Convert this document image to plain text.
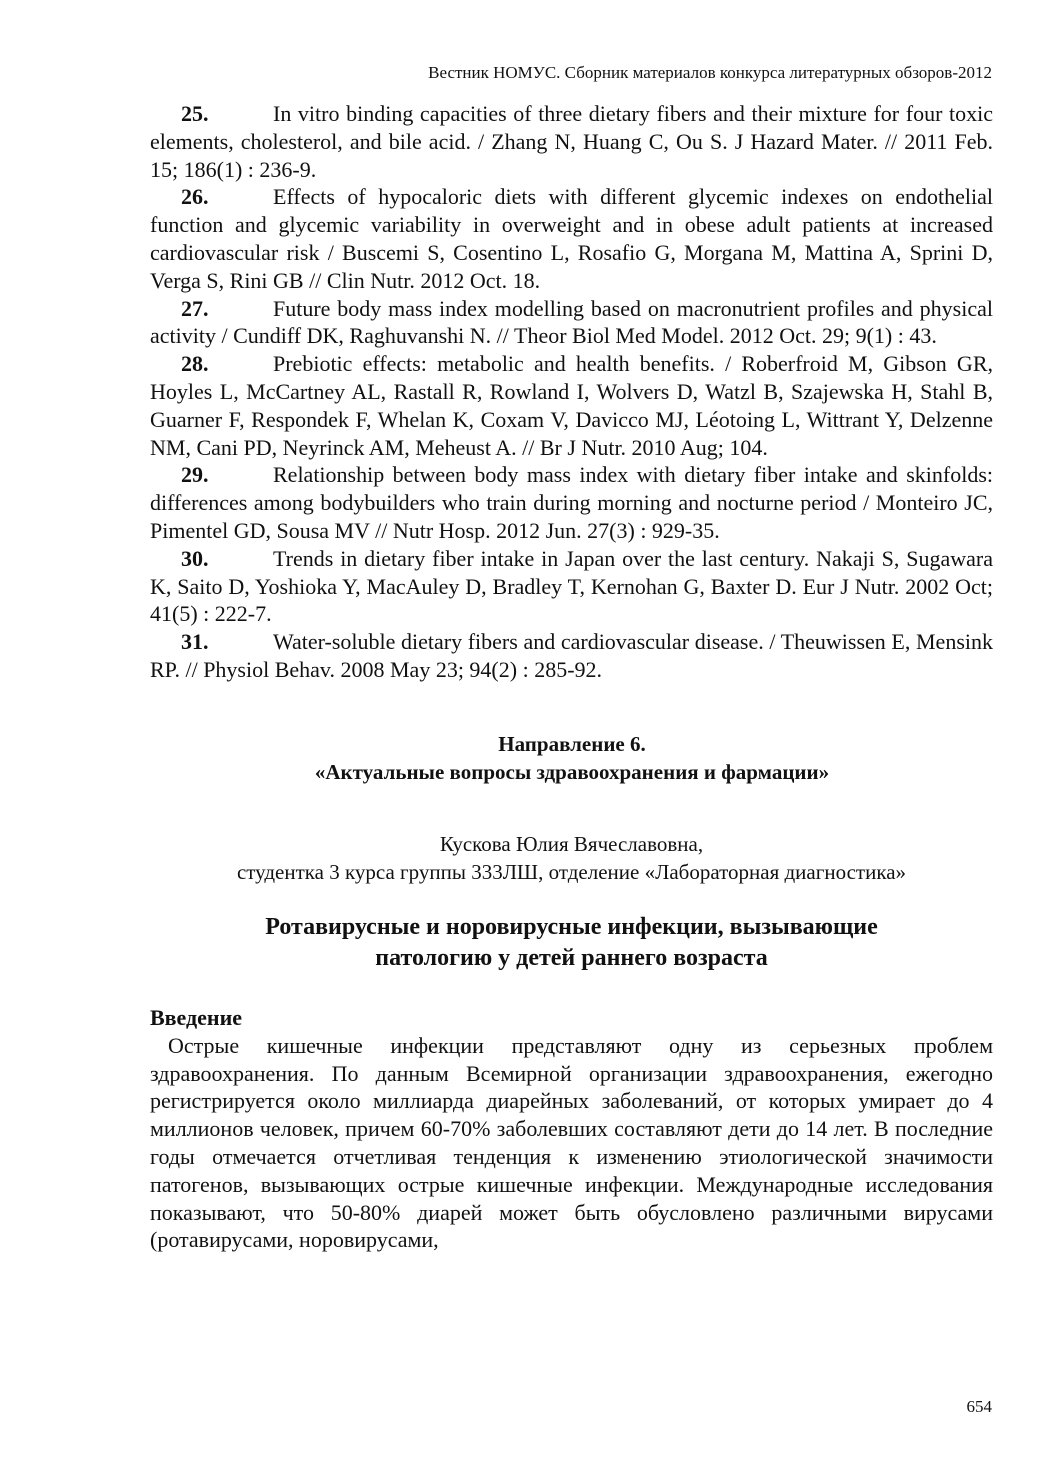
Вестник НОМУС. Сборник материалов конкурса литературных обзоров-2012

25.	In vitro binding capacities of three dietary fibers and their mixture for four toxic elements, cholesterol, and bile acid. / Zhang N, Huang C, Ou S. J Hazard Mater. // 2011 Feb. 15; 186(1) : 236-9.

26.	Effects of hypocaloric diets with different glycemic indexes on endothelial function and glycemic variability in overweight and in obese adult patients at increased cardiovascular risk / Buscemi S, Cosentino L, Rosafio G, Morgana M, Mattina A, Sprini D, Verga S, Rini GB // Clin Nutr. 2012 Oct. 18.

27.	Future body mass index modelling based on macronutrient profiles and physical activity / Cundiff DK, Raghuvanshi N. // Theor Biol Med Model. 2012 Oct. 29; 9(1) : 43.

28.	Prebiotic effects: metabolic and health benefits. / Roberfroid M, Gibson GR, Hoyles L, McCartney AL, Rastall R, Rowland I, Wolvers D, Watzl B, Szajewska H, Stahl B, Guarner F, Respondek F, Whelan K, Coxam V, Davicco MJ, Léotoing L, Wittrant Y, Delzenne NM, Cani PD, Neyrinck AM, Meheust A. // Br J Nutr. 2010 Aug; 104.

29.	Relationship between body mass index with dietary fiber intake and skinfolds: differences among bodybuilders who train during morning and nocturne period / Monteiro JC, Pimentel GD, Sousa MV // Nutr Hosp. 2012 Jun. 27(3) : 929-35.

30.	Trends in dietary fiber intake in Japan over the last century. Nakaji S, Sugawara K, Saito D, Yoshioka Y, MacAuley D, Bradley T, Kernohan G, Baxter D. Eur J Nutr. 2002 Oct; 41(5) : 222-7.

31.	Water-soluble dietary fibers and cardiovascular disease. / Theuwissen E, Mensink RP. // Physiol Behav. 2008 May 23; 94(2) : 285-92.

Направление 6.
«Актуальные вопросы здравоохранения и фармации»
Кускова Юлия Вячеславовна,
студентка 3 курса группы 333ЛШ, отделение «Лабораторная диагностика»
Ротавирусные и норовирусные инфекции, вызывающие
патологию у детей раннего возраста
Введение

Острые кишечные инфекции представляют одну из серьезных проблем здравоохранения. По данным Всемирной организации здравоохранения, ежегодно регистрируется около миллиарда диарейных заболеваний, от которых умирает до 4 миллионов человек, причем 60-70% заболевших составляют дети до 14 лет. В последние годы отмечается отчетливая тенденция к изменению этиологической значимости патогенов, вызывающих острые кишечные инфекции. Международные исследования показывают, что 50-80% диарей может быть обусловлено различными вирусами (ротавирусами, норовирусами,

654
